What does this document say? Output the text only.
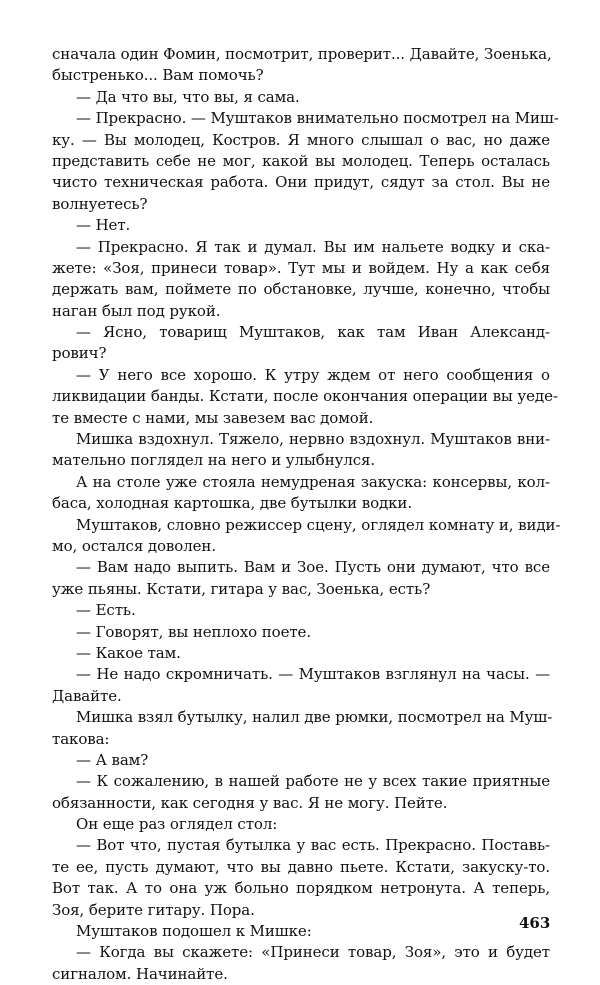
сначала один Фомин, посмотрит, проверит... Давайте, Зоенька,
быстренько... Вам помочь?
— Да что вы, что вы, я сама.
— Прекрасно. — Муштаков внимательно посмотрел на Миш-
ку. — Вы молодец, Костров. Я много слышал о вас, но даже
представить себе не мог, какой вы молодец. Теперь осталась
чисто техническая работа. Они придут, сядут за стол. Вы не
волнуетесь?
— Нет.
— Прекрасно. Я так и думал. Вы им нальете водку и ска-
жете: «Зоя, принеси товар». Тут мы и войдем. Ну а как себя
держать вам, поймете по обстановке, лучше, конечно, чтобы
наган был под рукой.
— Ясно, товарищ Муштаков, как там Иван Александ-
рович?
— У него все хорошо. К утру ждем от него сообщения о
ликвидации банды. Кстати, после окончания операции вы уеде-
те вместе с нами, мы завезем вас домой.
Мишка вздохнул. Тяжело, нервно вздохнул. Муштаков вни-
мательно поглядел на него и улыбнулся.
А на столе уже стояла немудреная закуска: консервы, кол-
баса, холодная картошка, две бутылки водки.
Муштаков, словно режиссер сцену, оглядел комнату и, види-
мо, остался доволен.
— Вам надо выпить. Вам и Зое. Пусть они думают, что все
уже пьяны. Кстати, гитара у вас, Зоенька, есть?
— Есть.
— Говорят, вы неплохо поете.
— Какое там.
— Не надо скромничать. — Муштаков взглянул на часы. —
Давайте.
Мишка взял бутылку, налил две рюмки, посмотрел на Муш-
такова:
— А вам?
— К сожалению, в нашей работе не у всех такие приятные
обязанности, как сегодня у вас. Я не могу. Пейте.
Он еще раз оглядел стол:
— Вот что, пустая бутылка у вас есть. Прекрасно. Поставь-
те ее, пусть думают, что вы давно пьете. Кстати, закуску-то.
Вот так. А то она уж больно порядком нетронута. А теперь,
Зоя, берите гитару. Пора.
Муштаков подошел к Мишке:
— Когда вы скажете: «Принеси товар, Зоя», это и будет
сигналом. Начинайте.
463
